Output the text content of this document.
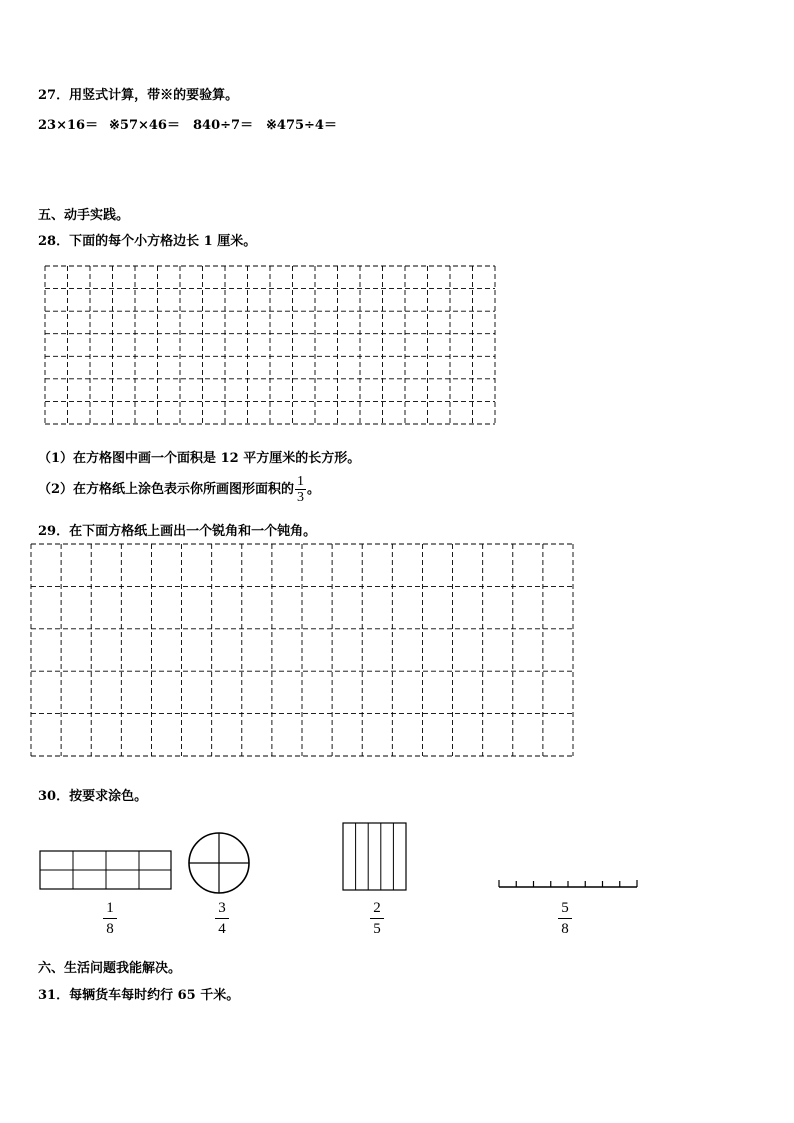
27．用竖式计算，带※的要验算。
23×16＝ ※57×46＝ 840÷7＝ ※475÷4＝
五、动手实践。
28．下面的每个小方格边长 1 厘米。
（1）在方格图中画一个面积是 12 平方厘米的长方形。
（2）在方格纸上涂色表示你所画图形面积的 $\frac{1}{3}$ 。
29．在下面方格纸上画出一个锐角和一个钝角。
30．按要求涂色。
1
8
3
4
2
5
5
8
六、生活问题我能解决。
31．每辆货车每时约行 65 千米。
